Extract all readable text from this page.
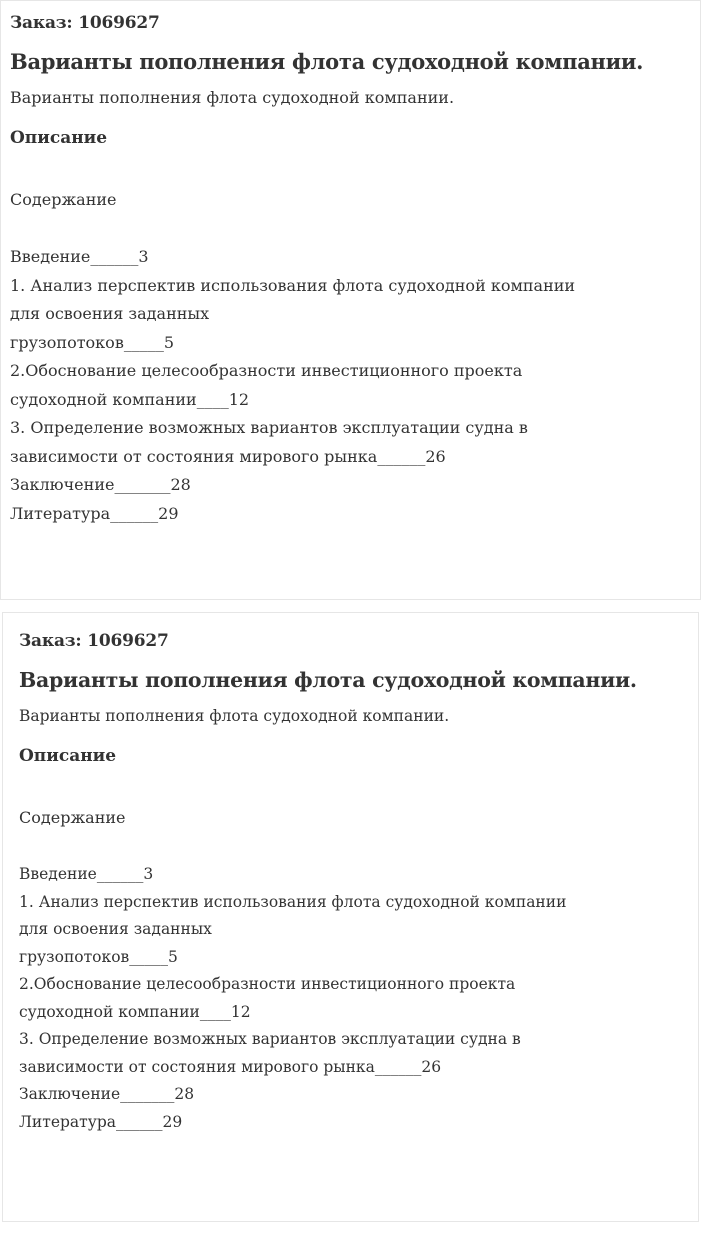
Заказ: 1069627

Варианты пополнения флота судоходной компании.

Варианты пополнения флота судоходной компании.

Описание

Содержание

Введение______3
1. Анализ перспектив использования флота судоходной компании
для освоения заданных
грузопотоков_____5
2.Обоснование целесообразности инвестиционного проекта
судоходной компании____12
3. Определение возможных вариантов эксплуатации судна в
зависимости от состояния мирового рынка______26
Заключение_______28
Литература______29

Заказ: 1069627

Варианты пополнения флота судоходной компании.

Варианты пополнения флота судоходной компании.

Описание

Содержание

Введение______3
1. Анализ перспектив использования флота судоходной компании
для освоения заданных
грузопотоков_____5
2.Обоснование целесообразности инвестиционного проекта
судоходной компании____12
3. Определение возможных вариантов эксплуатации судна в
зависимости от состояния мирового рынка______26
Заключение_______28
Литература______29
